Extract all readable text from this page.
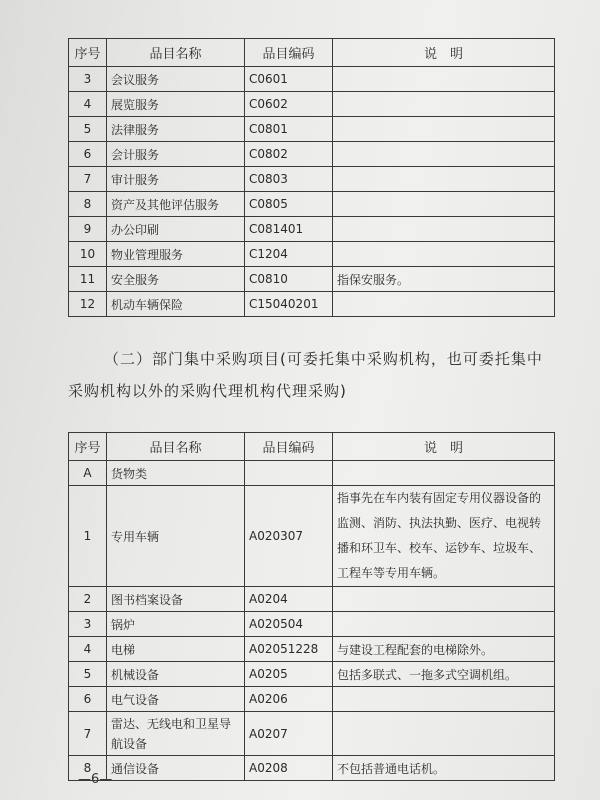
序号	品目名称	品目编码	说　明
3	会议服务	C0601	
4	展览服务	C0602	
5	法律服务	C0801	
6	会计服务	C0802	
7	审计服务	C0803	
8	资产及其他评估服务	C0805	
9	办公印刷	C081401	
10	物业管理服务	C1204	
11	安全服务	C0810	指保安服务。
12	机动车辆保险	C15040201	
（二）部门集中采购项目(可委托集中采购机构，也可委托集中采购机构以外的采购代理机构代理采购)
序号	品目名称	品目编码	说　明
A	货物类		
1	专用车辆	A020307	指事先在车内装有固定专用仪器设备的监测、消防、执法执勤、医疗、电视转播和环卫车、校车、运钞车、垃圾车、工程车等专用车辆。
2	图书档案设备	A0204	
3	锅炉	A020504	
4	电梯	A02051228	与建设工程配套的电梯除外。
5	机械设备	A0205	包括多联式、一拖多式空调机组。
6	电气设备	A0206	
7	雷达、无线电和卫星导航设备	A0207	
8	通信设备	A0208	不包括普通电话机。
—6—
